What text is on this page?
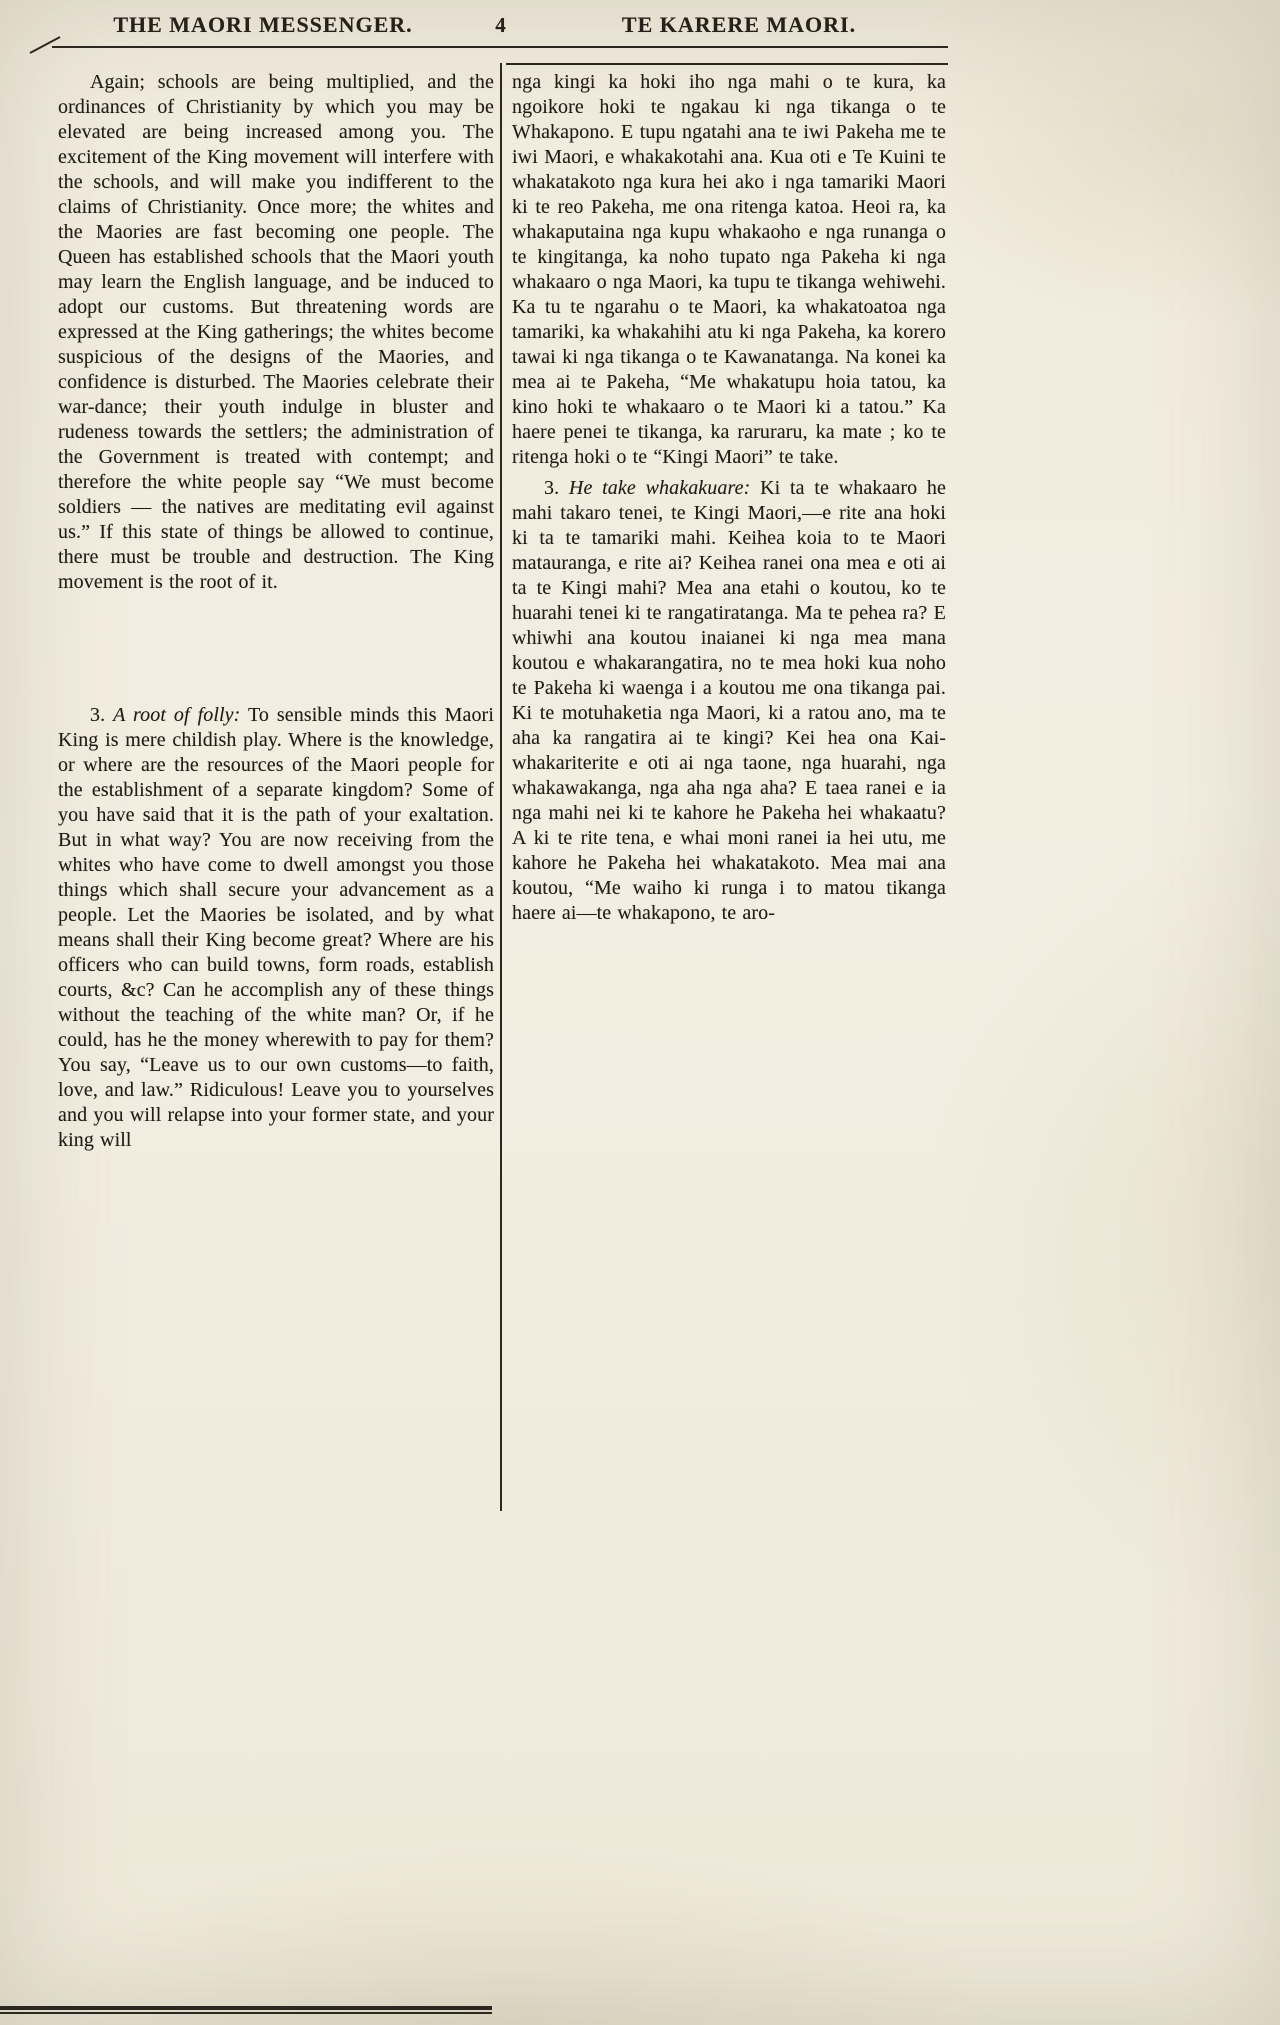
THE MAORI MESSENGER.	4	TE KARERE MAORI.

Again; schools are being multiplied, and the ordinances of Christianity by which you may be elevated are being increased among you. The excitement of the King movement will interfere with the schools, and will make you indifferent to the claims of Christianity. Once more; the whites and the Maories are fast becoming one people. The Queen has established schools that the Maori youth may learn the English language, and be induced to adopt our customs. But threatening words are expressed at the King gatherings; the whites become suspicious of the designs of the Maories, and confidence is disturbed. The Maories celebrate their war-dance; their youth indulge in bluster and rudeness towards the settlers; the administration of the Government is treated with contempt; and therefore the white people say “We must become soldiers — the natives are meditating evil against us.” If this state of things be allowed to continue, there must be trouble and destruction. The King movement is the root of it.

3. A root of folly: To sensible minds this Maori King is mere childish play. Where is the knowledge, or where are the resources of the Maori people for the establishment of a separate kingdom? Some of you have said that it is the path of your exaltation. But in what way? You are now receiving from the whites who have come to dwell amongst you those things which shall secure your advancement as a people. Let the Maories be isolated, and by what means shall their King become great? Where are his officers who can build towns, form roads, establish courts, &c? Can he accomplish any of these things without the teaching of the white man? Or, if he could, has he the money wherewith to pay for them? You say, “Leave us to our own customs—to faith, love, and law.” Ridiculous! Leave you to yourselves and you will relapse into your former state, and your king will

nga kingi ka hoki iho nga mahi o te kura, ka ngoikore hoki te ngakau ki nga tikanga o te Whakapono. E tupu ngatahi ana te iwi Pakeha me te iwi Maori, e whakakotahi ana. Kua oti e Te Kuini te whakatakoto nga kura hei ako i nga tamariki Maori ki te reo Pakeha, me ona ritenga katoa. Heoi ra, ka whakaputaina nga kupu whakaoho e nga runanga o te kingitanga, ka noho tupato nga Pakeha ki nga whakaaro o nga Maori, ka tupu te tikanga wehiwehi. Ka tu te ngarahu o te Maori, ka whakatoatoa nga tamariki, ka whakahihi atu ki nga Pakeha, ka korero tawai ki nga tikanga o te Kawanatanga. Na konei ka mea ai te Pakeha, “Me whakatupu hoia tatou, ka kino hoki te whakaaro o te Maori ki a tatou.” Ka haere penei te tikanga, ka raruraru, ka mate ; ko te ritenga hoki o te “Kingi Maori” te take.

3. He take whakakuare: Ki ta te whakaaro he mahi takaro tenei, te Kingi Maori,—e rite ana hoki ki ta te tamariki mahi. Keihea koia to te Maori matauranga, e rite ai? Keihea ranei ona mea e oti ai ta te Kingi mahi? Mea ana etahi o koutou, ko te huarahi tenei ki te rangatiratanga. Ma te pehea ra? E whiwhi ana koutou inaianei ki nga mea mana koutou e whakarangatira, no te mea hoki kua noho te Pakeha ki waenga i a koutou me ona tikanga pai. Ki te motuhaketia nga Maori, ki a ratou ano, ma te aha ka rangatira ai te kingi? Kei hea ona Kai-whakariterite e oti ai nga taone, nga huarahi, nga whakawakanga, nga aha nga aha? E taea ranei e ia nga mahi nei ki te kahore he Pakeha hei whakaatu? A ki te rite tena, e whai moni ranei ia hei utu, me kahore he Pakeha hei whakatakoto. Mea mai ana koutou, “Me waiho ki runga i to matou tikanga haere ai—te whakapono, te aro-
